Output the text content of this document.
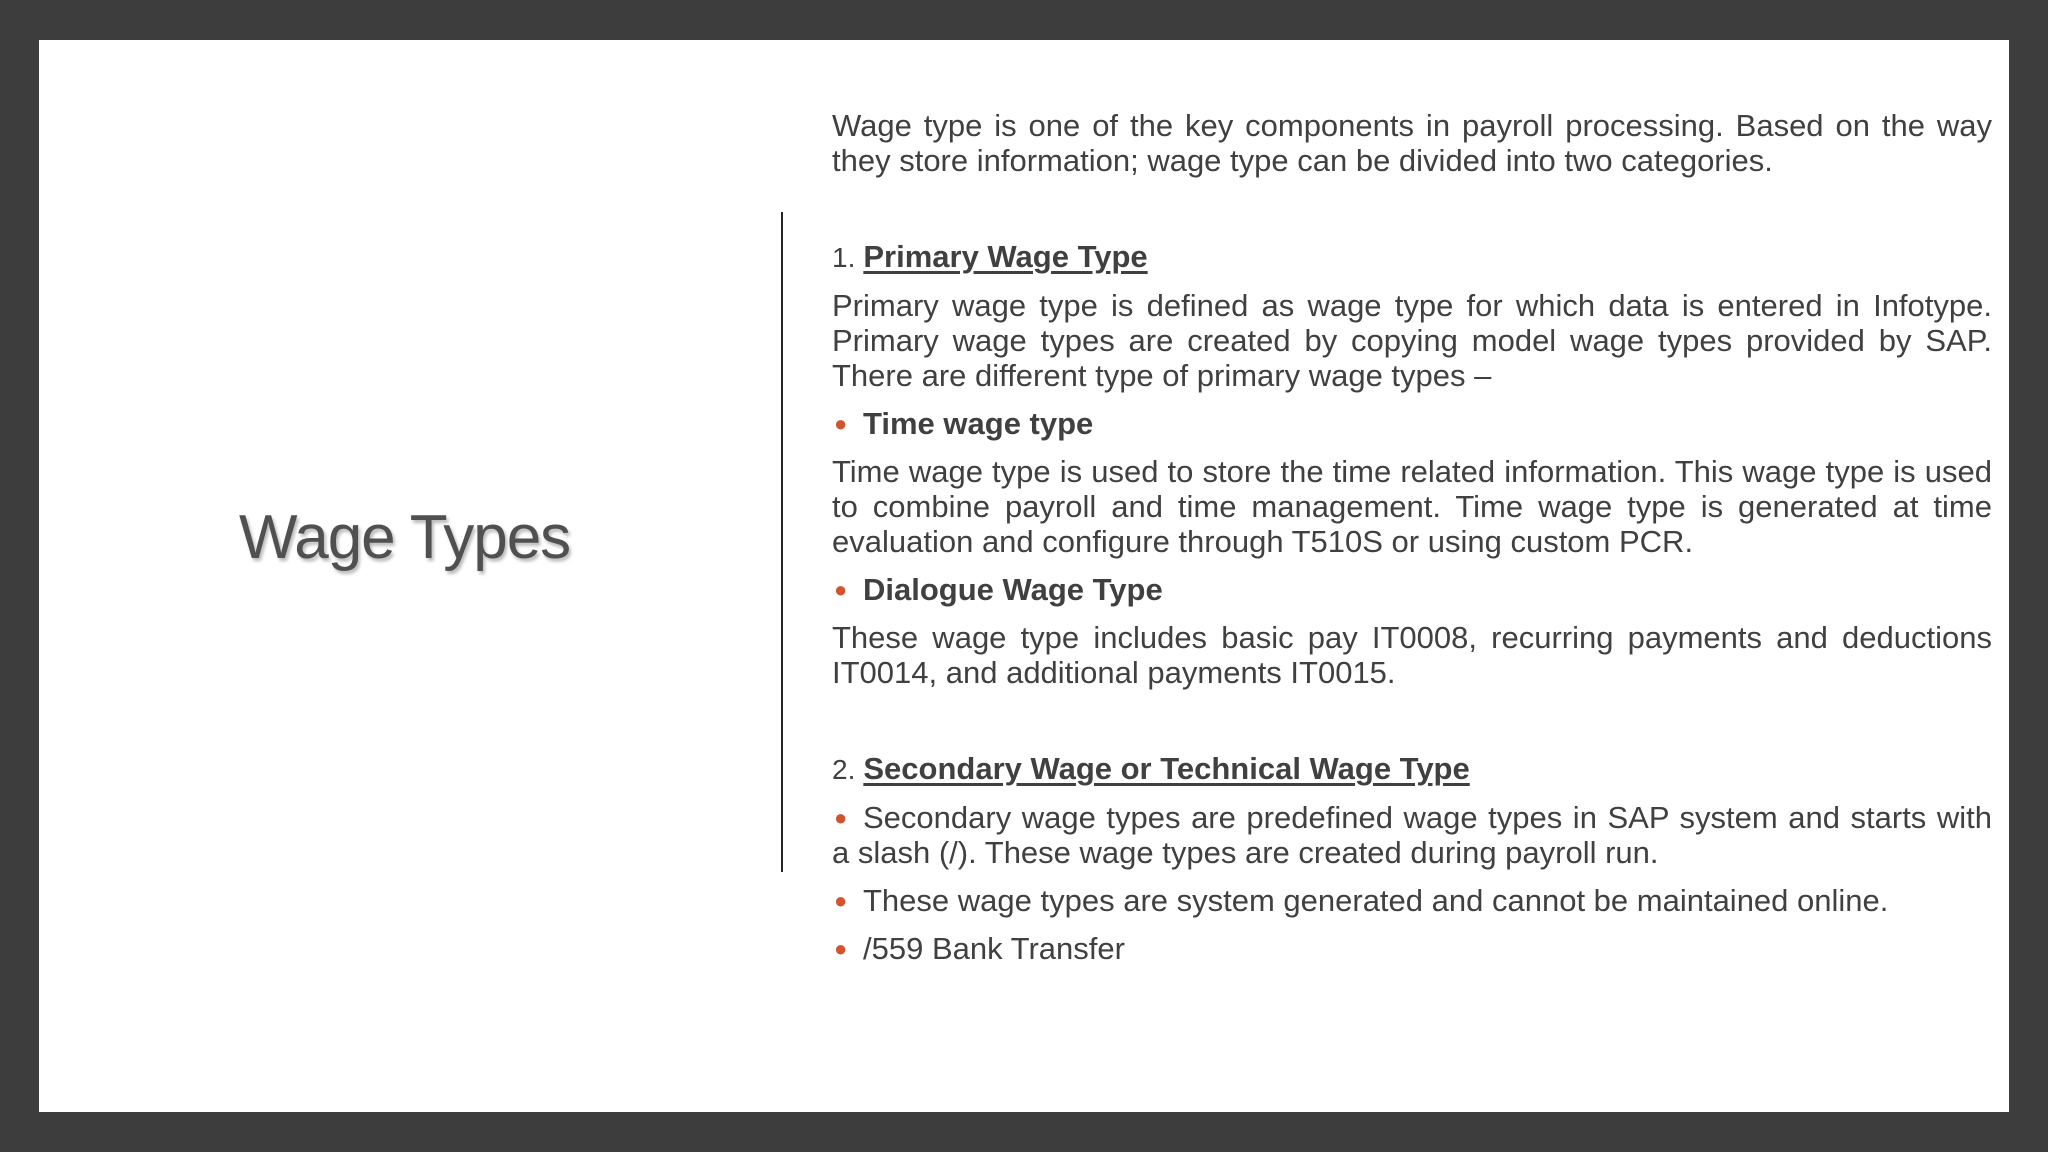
Wage Types

Wage type is one of the key components in payroll processing. Based on the way they store information; wage type can be divided into two categories.

1. Primary Wage Type

Primary wage type is defined as wage type for which data is entered in Infotype. Primary wage types are created by copying model wage types provided by SAP. There are different type of primary wage types –

● Time wage type

Time wage type is used to store the time related information. This wage type is used to combine payroll and time management. Time wage type is generated at time evaluation and configure through T510S or using custom PCR.

● Dialogue Wage Type

These wage type includes basic pay IT0008, recurring payments and deductions IT0014, and additional payments IT0015.

2. Secondary Wage or Technical Wage Type

● Secondary wage types are predefined wage types in SAP system and starts with a slash (/). These wage types are created during payroll run.

● These wage types are system generated and cannot be maintained online.

● /559 Bank Transfer
